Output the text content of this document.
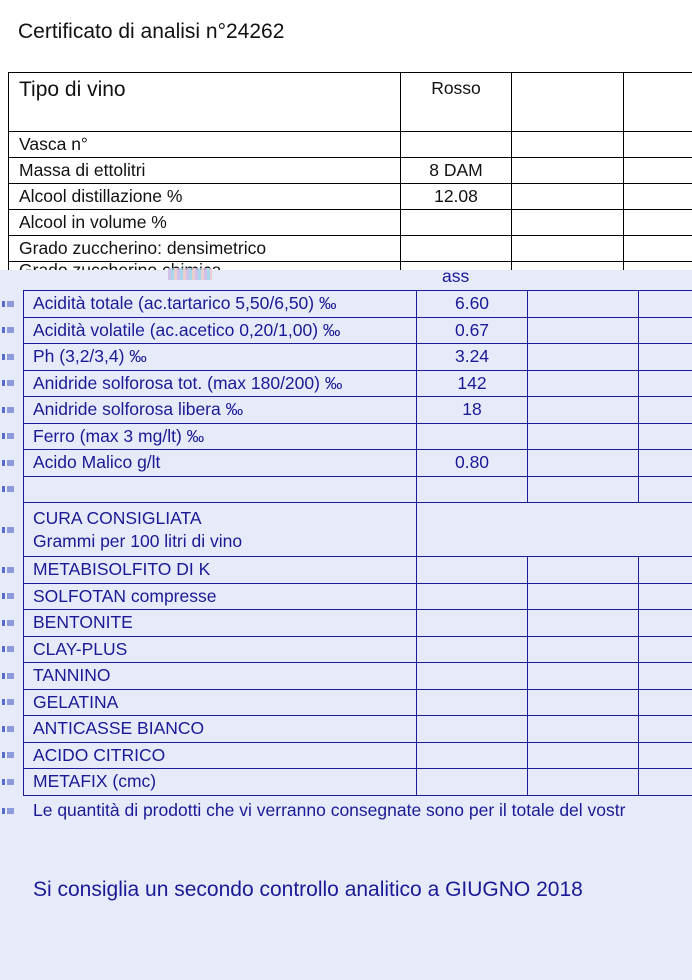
Certificato di analisi n°24262
Tipo di vino	Rosso		
Vasca n°			
Massa di ettolitri	8 DAM		
Alcool distillazione %	12.08		
Alcool in volume %			
Grado zuccherino: densimetrico			

Acidità totale (ac.tartarico 5,50/6,50) ‰	6.60		
Acidità volatile (ac.acetico 0,20/1,00) ‰	0.67		
Ph (3,2/3,4) ‰	3.24		
Anidride solforosa tot. (max 180/200) ‰	142		
Anidride solforosa libera ‰	18		
Ferro (max 3 mg/lt) ‰			
Acido Malico g/lt	0.80		

CURA CONSIGLIATA
Grammi per 100 litri di vino			

METABISOLFITO DI K			
SOLFOTAN compresse			
BENTONITE			
CLAY-PLUS			
TANNINO			
GELATINA			
ANTICASSE BIANCO			
ACIDO CITRICO			
METAFIX (cmc)			
ass
Le quantità di prodotti che vi verranno consegnate sono per il totale del vostr
Si consiglia un secondo controllo analitico a GIUGNO 2018
